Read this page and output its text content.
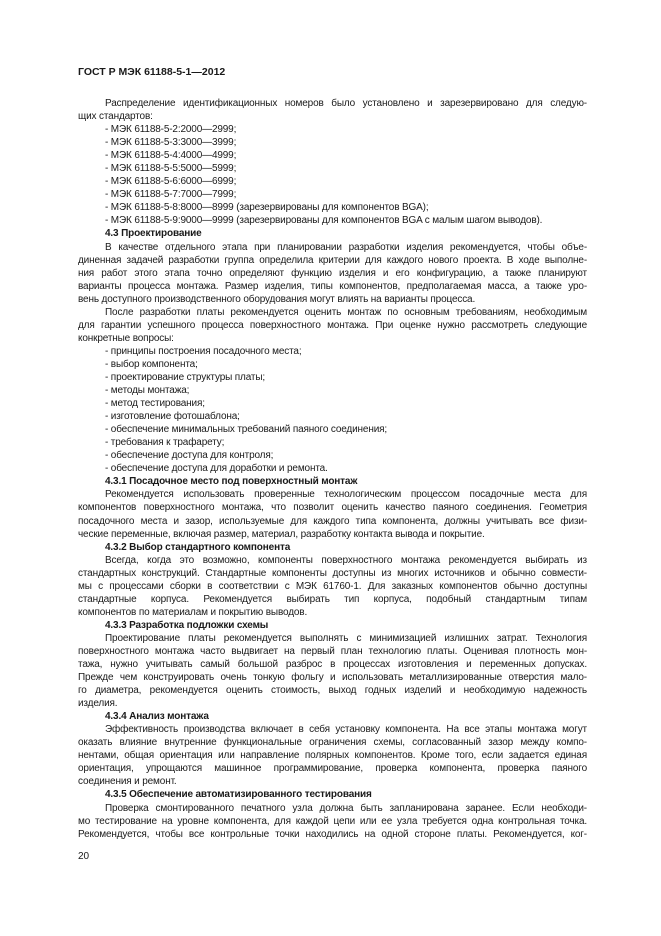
ГОСТ Р МЭК 61188-5-1—2012
Распределение идентификационных номеров было установлено и зарезервировано для следую-
щих стандартов:
- МЭК 61188-5-2:2000—2999;
- МЭК 61188-5-3:3000—3999;
- МЭК 61188-5-4:4000—4999;
- МЭК 61188-5-5:5000—5999;
- МЭК 61188-5-6:6000—6999;
- МЭК 61188-5-7:7000—7999;
- МЭК 61188-5-8:8000—8999 (зарезервированы для компонентов BGA);
- МЭК 61188-5-9:9000—9999 (зарезервированы для компонентов BGA с малым шагом выводов).
4.3 Проектирование
В качестве отдельного этапа при планировании разработки изделия рекомендуется, чтобы объе-
диненная задачей разработки группа определила критерии для каждого нового проекта. В ходе выполне-
ния работ этого этапа точно определяют функцию изделия и его конфигурацию, а также планируют
варианты процесса монтажа. Размер изделия, типы компонентов, предполагаемая масса, а также уро-
вень доступного производственного оборудования могут влиять на варианты процесса.
После разработки платы рекомендуется оценить монтаж по основным требованиям, необходимым
для гарантии успешного процесса поверхностного монтажа. При оценке нужно рассмотреть следующие
конкретные вопросы:
- принципы построения посадочного места;
- выбор компонента;
- проектирование структуры платы;
- методы монтажа;
- метод тестирования;
- изготовление фотошаблона;
- обеспечение минимальных требований паяного соединения;
- требования к трафарету;
- обеспечение доступа для контроля;
- обеспечение доступа для доработки и ремонта.
4.3.1 Посадочное место под поверхностный монтаж
Рекомендуется использовать проверенные технологическим процессом посадочные места для
компонентов поверхностного монтажа, что позволит оценить качество паяного соединения. Геометрия
посадочного места и зазор, используемые для каждого типа компонента, должны учитывать все физи-
ческие переменные, включая размер, материал, разработку контакта вывода и покрытие.
4.3.2 Выбор стандартного компонента
Всегда, когда это возможно, компоненты поверхностного монтажа рекомендуется выбирать из
стандартных конструкций. Стандартные компоненты доступны из многих источников и обычно совмести-
мы с процессами сборки в соответствии с МЭК 61760-1. Для заказных компонентов обычно доступны
стандартные корпуса. Рекомендуется выбирать тип корпуса, подобный стандартным типам
компонентов по материалам и покрытию выводов.
4.3.3 Разработка подложки схемы
Проектирование платы рекомендуется выполнять с минимизацией излишних затрат. Технология
поверхностного монтажа часто выдвигает на первый план технологию платы. Оценивая плотность мон-
тажа, нужно учитывать самый большой разброс в процессах изготовления и переменных допусках.
Прежде чем конструировать очень тонкую фольгу и использовать металлизированные отверстия мало-
го диаметра, рекомендуется оценить стоимость, выход годных изделий и необходимую надежность
изделия.
4.3.4 Анализ монтажа
Эффективность производства включает в себя установку компонента. На все этапы монтажа могут
оказать влияние внутренние функциональные ограничения схемы, согласованный зазор между компо-
нентами, общая ориентация или направление полярных компонентов. Кроме того, если задается единая
ориентация, упрощаются машинное программирование, проверка компонента, проверка паяного
соединения и ремонт.
4.3.5 Обеспечение автоматизированного тестирования
Проверка смонтированного печатного узла должна быть запланирована заранее. Если необходи-
мо тестирование на уровне компонента, для каждой цепи или ее узла требуется одна контрольная точка.
Рекомендуется, чтобы все контрольные точки находились на одной стороне платы. Рекомендуется, ког-
20
